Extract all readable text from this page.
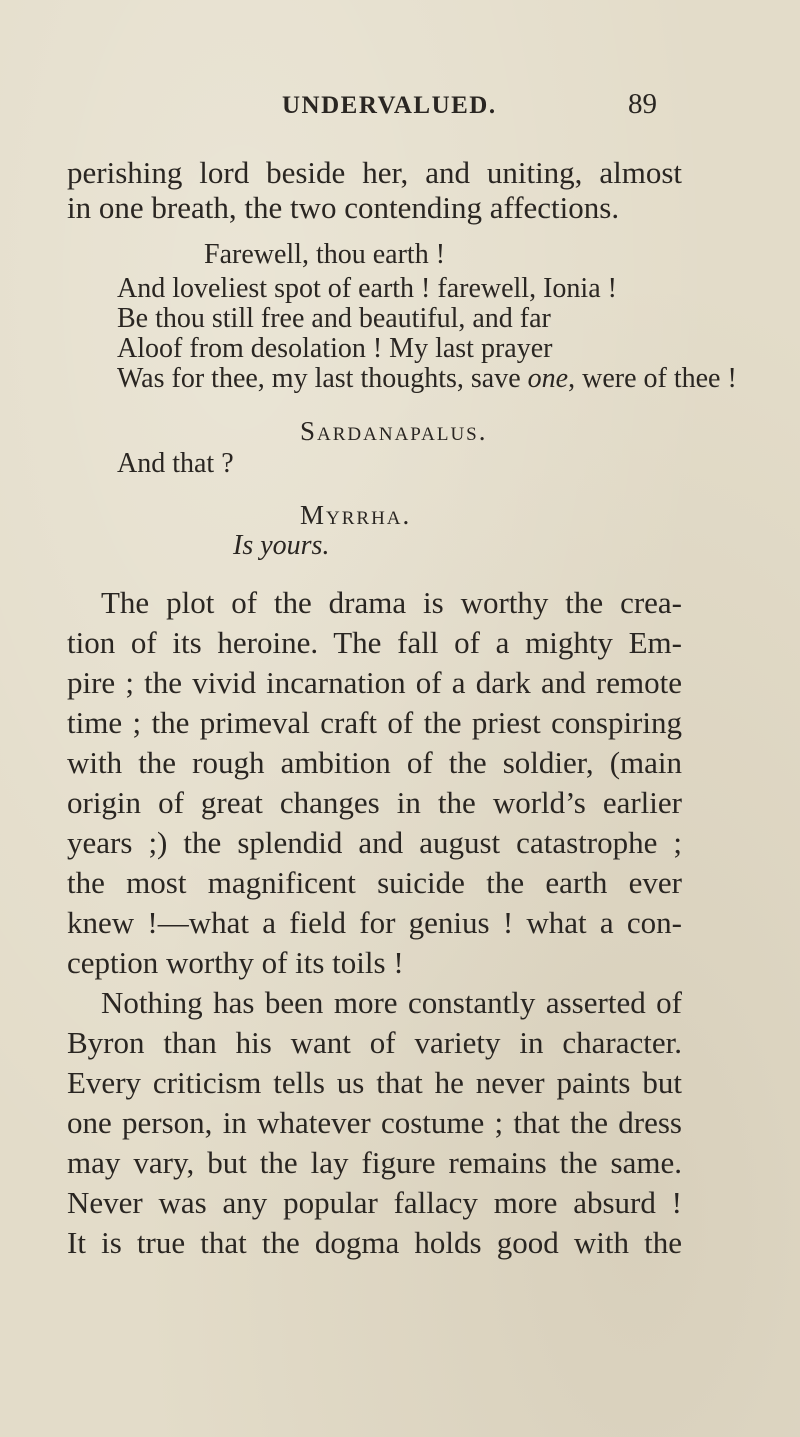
UNDERVALUED.	89
perishing lord beside her, and uniting, almost
in one breath, the two contending affections.
Farewell, thou earth !
And loveliest spot of earth ! farewell, Ionia !
Be thou still free and beautiful, and far
Aloof from desolation ! My last prayer
Was for thee, my last thoughts, save one, were of thee !
Sardanapalus.
And that ?
Myrrha.
Is yours.
The plot of the drama is worthy the crea-
tion of its heroine. The fall of a mighty Em-
pire ; the vivid incarnation of a dark and remote
time ; the primeval craft of the priest conspiring
with the rough ambition of the soldier, (main
origin of great changes in the world’s earlier
years ;) the splendid and august catastrophe ;
the most magnificent suicide the earth ever
knew !—what a field for genius ! what a con-
ception worthy of its toils !
Nothing has been more constantly asserted of
Byron than his want of variety in character.
Every criticism tells us that he never paints but
one person, in whatever costume ; that the dress
may vary, but the lay figure remains the same.
Never was any popular fallacy more absurd !
It is true that the dogma holds good with the
